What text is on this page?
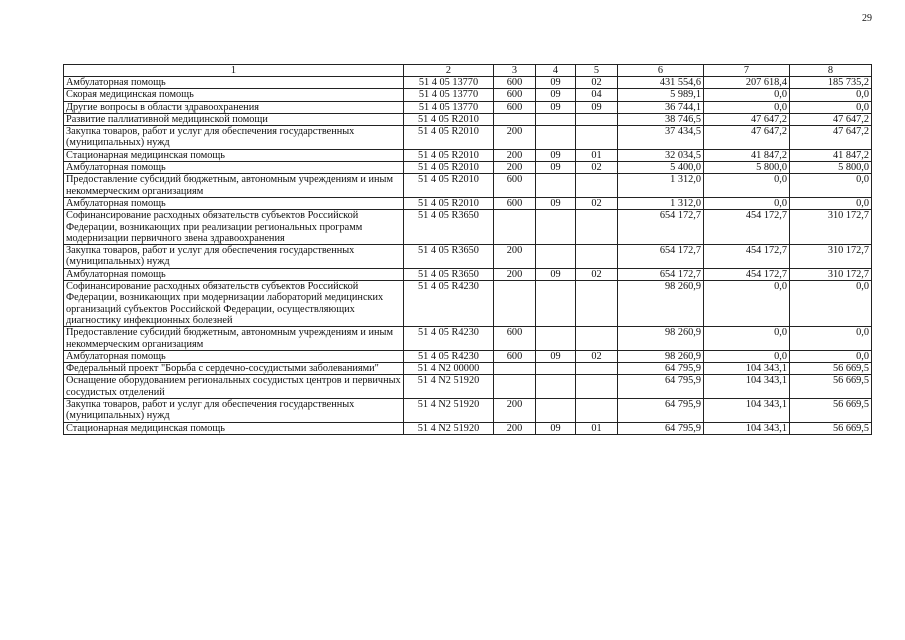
29
1	2	3	4	5	6	7	8
Амбулаторная помощь	51 4 05 13770	600	09	02	431 554,6	207 618,4	185 735,2
Скорая медицинская помощь	51 4 05 13770	600	09	04	5 989,1	0,0	0,0
Другие вопросы в области здравоохранения	51 4 05 13770	600	09	09	36 744,1	0,0	0,0
Развитие паллиативной медицинской помощи	51 4 05 R2010				38 746,5	47 647,2	47 647,2
Закупка товаров, работ и услуг для обеспечения государственных (муниципальных) нужд	51 4 05 R2010	200			37 434,5	47 647,2	47 647,2
Стационарная медицинская помощь	51 4 05 R2010	200	09	01	32 034,5	41 847,2	41 847,2
Амбулаторная помощь	51 4 05 R2010	200	09	02	5 400,0	5 800,0	5 800,0
Предоставление субсидий бюджетным, автономным учреждениям и иным некоммерческим организациям	51 4 05 R2010	600			1 312,0	0,0	0,0
Амбулаторная помощь	51 4 05 R2010	600	09	02	1 312,0	0,0	0,0
Софинансирование расходных обязательств субъектов Российской Федерации, возникающих при реализации региональных программ модернизации первичного звена здравоохранения	51 4 05 R3650				654 172,7	454 172,7	310 172,7
Закупка товаров, работ и услуг для обеспечения государственных (муниципальных) нужд	51 4 05 R3650	200			654 172,7	454 172,7	310 172,7
Амбулаторная помощь	51 4 05 R3650	200	09	02	654 172,7	454 172,7	310 172,7
Софинансирование расходных обязательств субъектов Российской Федерации, возникающих при модернизации лабораторий медицинских организаций субъектов Российской Федерации, осуществляющих диагностику инфекционных болезней	51 4 05 R4230				98 260,9	0,0	0,0
Предоставление субсидий бюджетным, автономным учреждениям и иным некоммерческим организациям	51 4 05 R4230	600			98 260,9	0,0	0,0
Амбулаторная помощь	51 4 05 R4230	600	09	02	98 260,9	0,0	0,0
Федеральный проект "Борьба с сердечно-сосудистыми заболеваниями"	51 4 N2 00000				64 795,9	104 343,1	56 669,5
Оснащение оборудованием региональных сосудистых центров и первичных сосудистых отделений	51 4 N2 51920				64 795,9	104 343,1	56 669,5
Закупка товаров, работ и услуг для обеспечения государственных (муниципальных) нужд	51 4 N2 51920	200			64 795,9	104 343,1	56 669,5
Стационарная медицинская помощь	51 4 N2 51920	200	09	01	64 795,9	104 343,1	56 669,5
